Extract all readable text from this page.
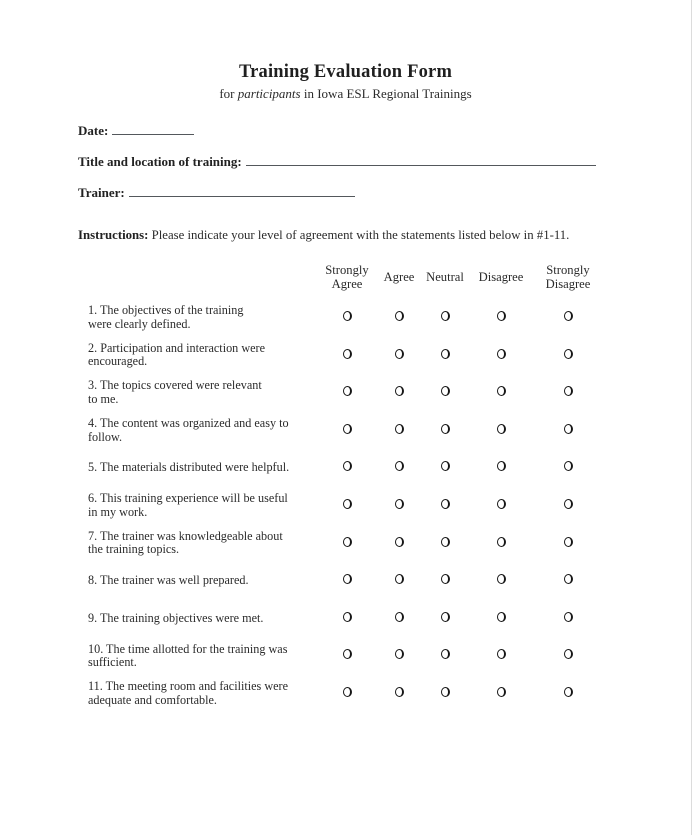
Training Evaluation Form
for participants in Iowa ESL Regional Trainings
Date:
Title and location of training:
Trainer:
Instructions: Please indicate your level of agreement with the statements listed below in #1-11.
Strongly Agree
Agree Neutral	Disagree
Strongly Disagree
1. The objectives of the training
were clearly defined.
2. Participation and interaction were
encouraged.
3. The topics covered were relevant
to me.
4. The content was organized and easy to
follow.
5. The materials distributed were helpful.
6. This training experience will be useful
in my work.
7. The trainer was knowledgeable about
the training topics.
8. The trainer was well prepared.
9. The training objectives were met.
10. The time allotted for the training was
sufficient.
11. The meeting room and facilities were
adequate and comfortable.
